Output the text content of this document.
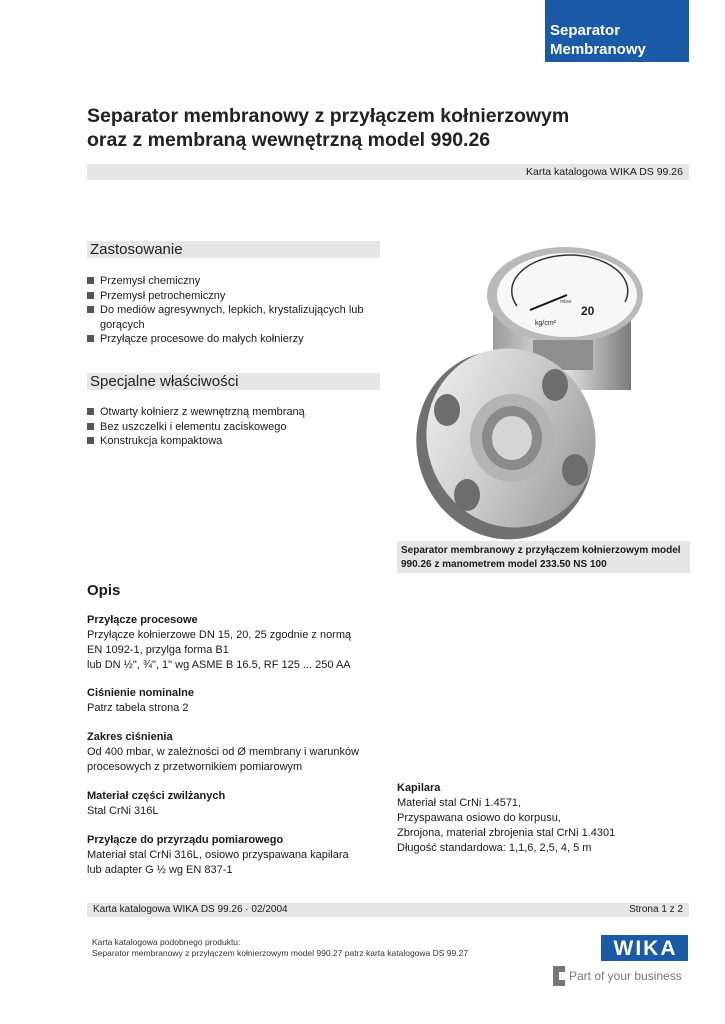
Separator
Membranowy
Separator membranowy z przyłączem kołnierzowym
oraz z membraną wewnętrzną model 990.26
Karta katalogowa WIKA DS 99.26
Zastosowanie
Przemysł chemiczny
Przemysł petrochemiczny
Do mediów agresywnych, lepkich, krystalizujących lub gorących
Przyłącze procesowe do małych kołnierzy
Specjalne właściwości
Otwarty kołnierz z wewnętrzną membraną
Bez uszczelki i elementu zaciskowego
Konstrukcja kompaktowa
20
kg/cm²
mbar
Separator membranowy z przyłączem kołnierzowym model
990.26 z manometrem model 233.50 NS 100
Opis
Przyłącze procesowe
Przyłącze kołnierzowe DN 15, 20, 25 zgodnie z normą
EN 1092-1, przylga forma B1
lub DN ½", ¾", 1" wg ASME B 16.5, RF 125 ... 250 AA
Ciśnienie nominalne
Patrz tabela strona 2
Zakres ciśnienia
Od 400 mbar, w zależności od Ø membrany i warunków
procesowych z przetwornikiem pomiarowym
Materiał części zwilżanych
Stal CrNi 316L
Przyłącze do przyrządu pomiarowego
Materiał stal CrNi 316L, osiowo przyspawana kapilara
lub adapter G ½ wg EN 837-1
Kapilara
Materiał stal CrNi 1.4571,
Przyspawana osiowo do korpusu,
Zbrojona, materiał zbrojenia stal CrNi 1.4301
Długość standardowa: 1,1,6, 2,5, 4, 5 m
Karta katalogowa WIKA DS 99.26 · 02/2004	Strona 1 z 2
Karta katalogowa podobnego produktu:
Separator membranowy z przyłączem kołnierzowym model 990.27 patrz karta katalogowa DS 99.27	WIKA
Part of your business
